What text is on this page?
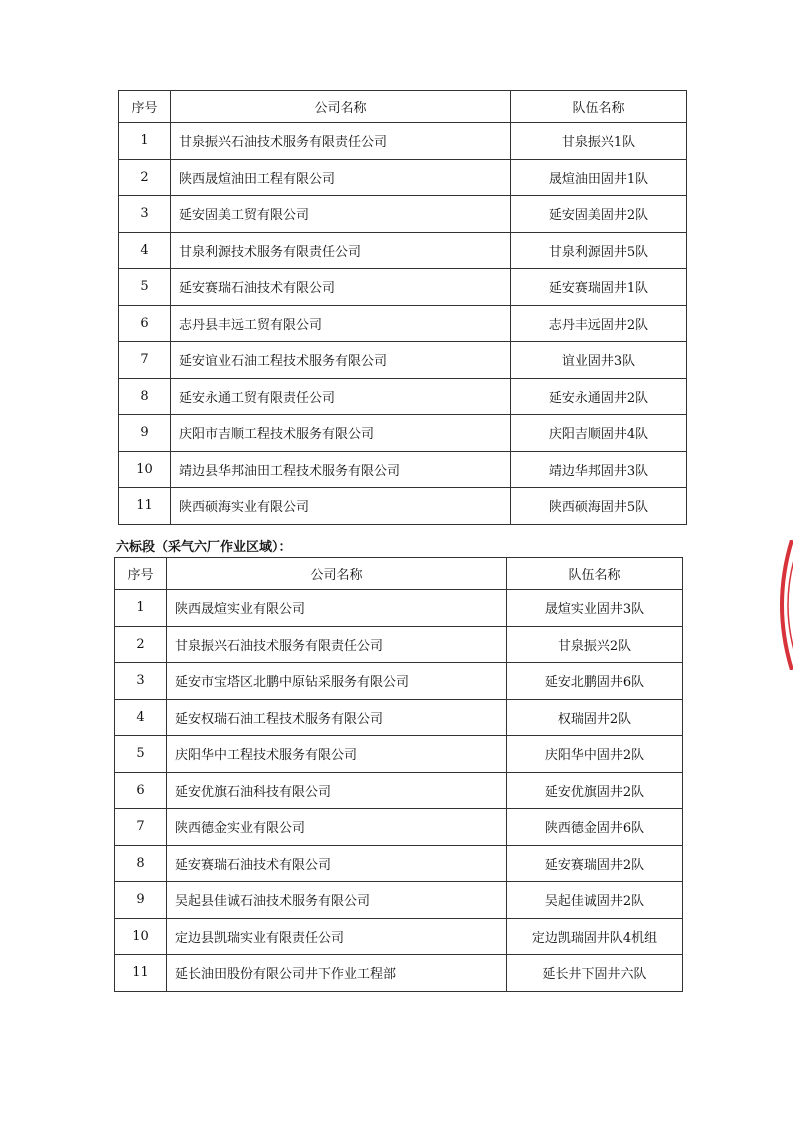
序号	公司名称	队伍名称
1	甘泉振兴石油技术服务有限责任公司	甘泉振兴1队
2	陕西晟煊油田工程有限公司	晟煊油田固井1队
3	延安固美工贸有限公司	延安固美固井2队
4	甘泉利源技术服务有限责任公司	甘泉利源固井5队
5	延安赛瑞石油技术有限公司	延安赛瑞固井1队
6	志丹县丰远工贸有限公司	志丹丰远固井2队
7	延安谊业石油工程技术服务有限公司	谊业固井3队
8	延安永通工贸有限责任公司	延安永通固井2队
9	庆阳市吉顺工程技术服务有限公司	庆阳吉顺固井4队
10	靖边县华邦油田工程技术服务有限公司	靖边华邦固井3队
11	陕西硕海实业有限公司	陕西硕海固井5队
六标段（采气六厂作业区域）：
序号	公司名称	队伍名称
1	陕西晟煊实业有限公司	晟煊实业固井3队
2	甘泉振兴石油技术服务有限责任公司	甘泉振兴2队
3	延安市宝塔区北鹏中原钻采服务有限公司	延安北鹏固井6队
4	延安权瑞石油工程技术服务有限公司	权瑞固井2队
5	庆阳华中工程技术服务有限公司	庆阳华中固井2队
6	延安优旗石油科技有限公司	延安优旗固井2队
7	陕西德金实业有限公司	陕西德金固井6队
8	延安赛瑞石油技术有限公司	延安赛瑞固井2队
9	吴起县佳诚石油技术服务有限公司	吴起佳诚固井2队
10	定边县凯瑞实业有限责任公司	定边凯瑞固井队4机组
11	延长油田股份有限公司井下作业工程部	延长井下固井六队
